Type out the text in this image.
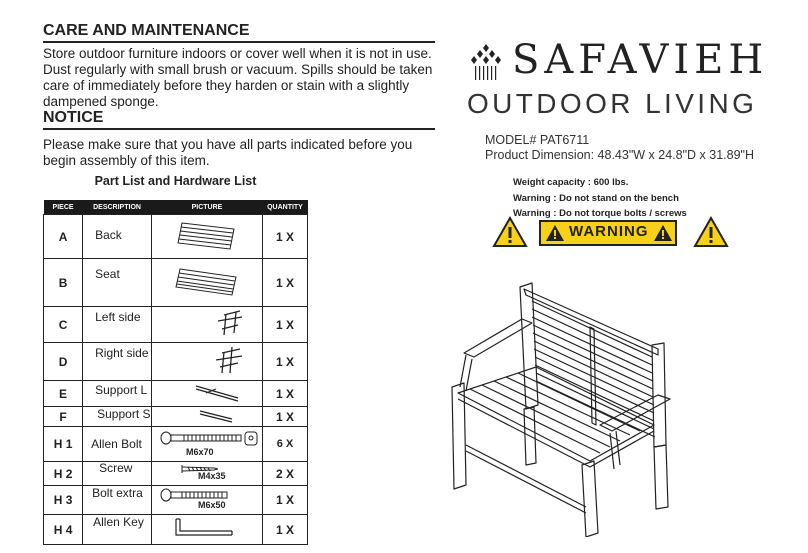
CARE AND MAINTENANCE
Store outdoor furniture indoors or cover well when it is not in use.
Dust regularly with small brush or vacuum. Spills should be taken
care of immediately before they harden or stain with a slightly
dampened sponge.
NOTICE
Please make sure that you have all parts indicated before you
begin assembly of this item.
Part List and Hardware List
PIECE	DESCRIPTION	PICTURE	QUANTITY
A	Back		1 X
B	Seat		1 X
C	Left side		1 X
D	Right side		1 X
E	Support L		1 X
F	Support S		1 X
H 1	Allen Bolt	M6x70	6 X
H 2	Screw	M4x35	2 X
H 3	Bolt extra	M6x50	1 X
H 4	Allen Key		1 X
SAFAVIEH
OUTDOOR LIVING
MODEL# PAT6711
Product Dimension: 48.43"W x 24.8"D x 31.89"H
Weight capacity : 600 lbs.
Warning : Do not stand on the bench
Warning : Do not torque bolts / screws
WARNING
